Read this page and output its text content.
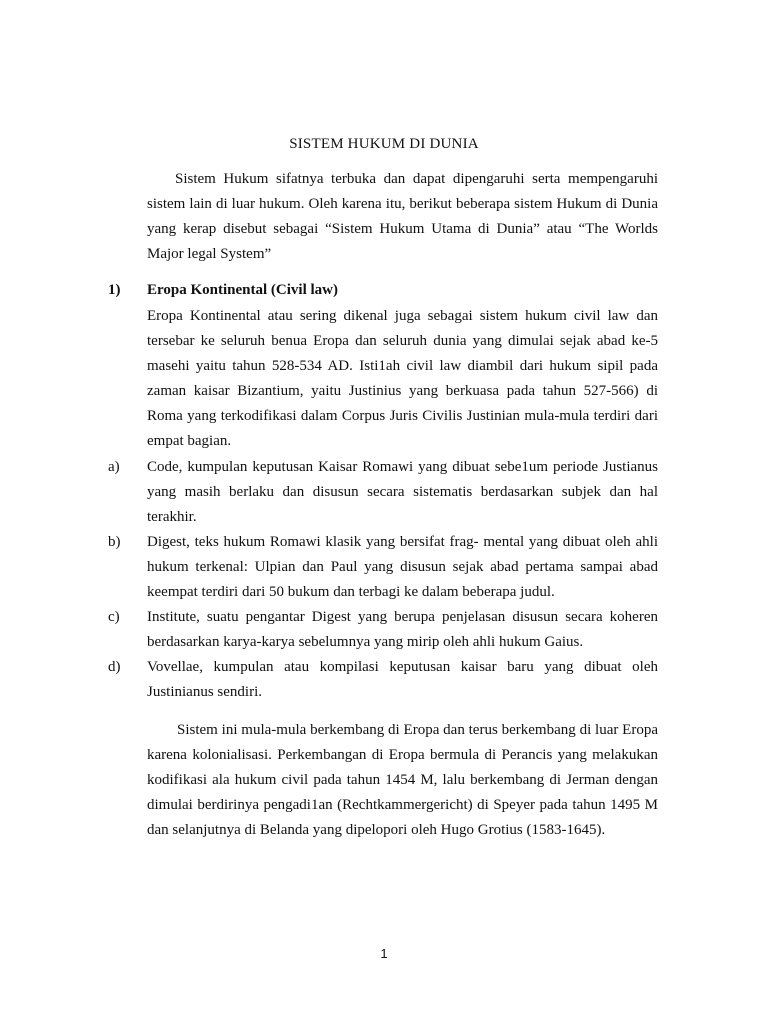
SISTEM HUKUM DI DUNIA

Sistem Hukum sifatnya terbuka dan dapat dipengaruhi serta mempengaruhi sistem lain di luar hukum. Oleh karena itu, berikut beberapa sistem Hukum di Dunia yang kerap disebut sebagai “Sistem Hukum Utama di Dunia” atau “The Worlds Major legal System”

1) Eropa Kontinental (Civil law)

Eropa Kontinental atau sering dikenal juga sebagai sistem hukum civil law dan tersebar ke seluruh benua Eropa dan seluruh dunia yang dimulai sejak abad ke-5 masehi yaitu tahun 528-534 AD. Isti1ah civil law diambil dari hukum sipil pada zaman kaisar Bizantium, yaitu Justinius yang berkuasa pada tahun 527-566) di Roma yang terkodifikasi dalam Corpus Juris Civilis Justinian mula-mula terdiri dari empat bagian.

a)	Code, kumpulan keputusan Kaisar Romawi yang dibuat sebe1um periode Justianus yang masih berlaku dan disusun secara sistematis berdasarkan subjek dan hal terakhir.
b)	Digest, teks hukum Romawi klasik yang bersifat frag- mental yang dibuat oleh ahli hukum terkenal: Ulpian dan Paul yang disusun sejak abad pertama sampai abad keempat terdiri dari 50 bukum dan terbagi ke dalam beberapa judul.
c)	Institute, suatu pengantar Digest yang berupa penjelasan disusun secara koheren berdasarkan karya-karya sebelumnya yang mirip oleh ahli hukum Gaius.
d)	Vovellae, kumpulan atau kompilasi keputusan kaisar baru yang dibuat oleh Justinianus sendiri.

Sistem ini mula-mula berkembang di Eropa dan terus berkembang di luar Eropa karena kolonialisasi. Perkembangan di Eropa bermula di Perancis yang melakukan kodifikasi ala hukum civil pada tahun 1454 M, lalu berkembang di Jerman dengan dimulai berdirinya pengadi1an (Rechtkammergericht) di Speyer pada tahun 1495 M dan selanjutnya di Belanda yang dipelopori oleh Hugo Grotius (1583-1645).

1
